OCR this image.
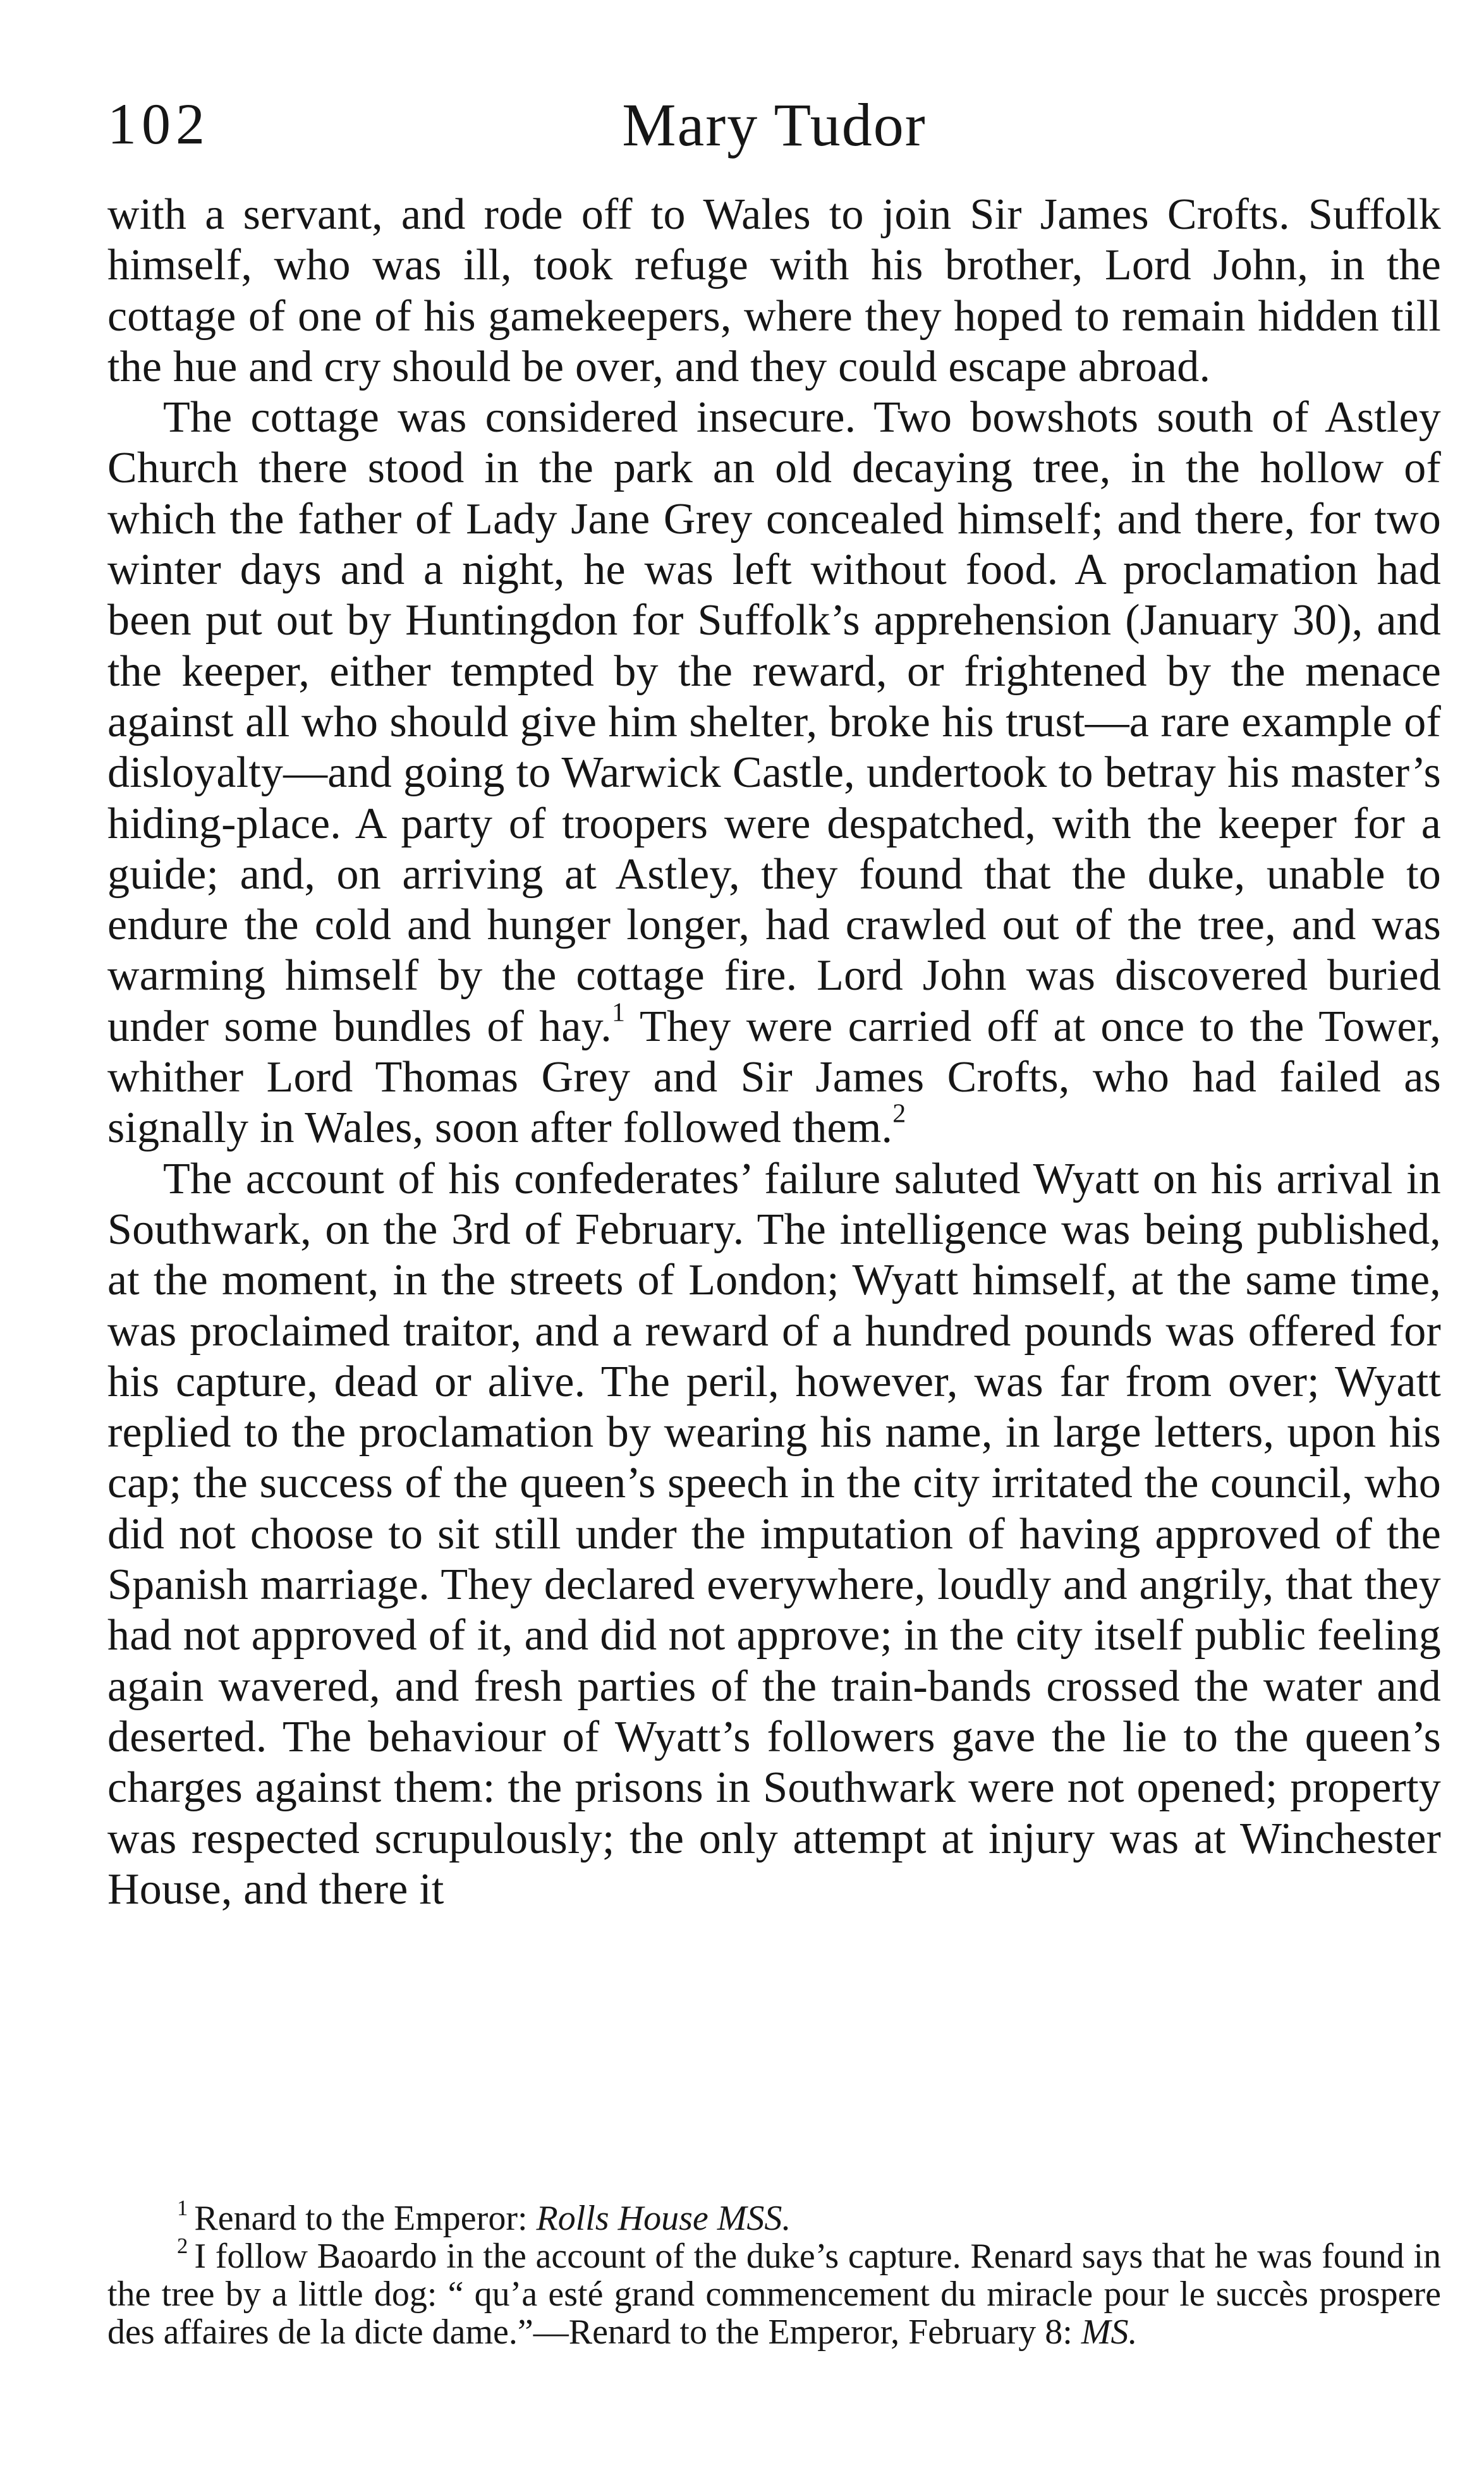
102	Mary Tudor

with a servant, and rode off to Wales to join Sir James Crofts. Suffolk himself, who was ill, took refuge with his brother, Lord John, in the cottage of one of his gamekeepers, where they hoped to remain hidden till the hue and cry should be over, and they could escape abroad.

The cottage was considered insecure. Two bowshots south of Astley Church there stood in the park an old decaying tree, in the hollow of which the father of Lady Jane Grey concealed himself; and there, for two winter days and a night, he was left without food. A proclamation had been put out by Huntingdon for Suffolk’s apprehension (January 30), and the keeper, either tempted by the reward, or frightened by the menace against all who should give him shelter, broke his trust—a rare example of disloyalty—and going to Warwick Castle, undertook to betray his master’s hiding-place. A party of troopers were despatched, with the keeper for a guide; and, on arriving at Astley, they found that the duke, unable to endure the cold and hunger longer, had crawled out of the tree, and was warming himself by the cottage fire. Lord John was discovered buried under some bundles of hay.$^1$ They were carried off at once to the Tower, whither Lord Thomas Grey and Sir James Crofts, who had failed as signally in Wales, soon after followed them.$^2$

The account of his confederates’ failure saluted Wyatt on his arrival in Southwark, on the 3rd of February. The intelligence was being published, at the moment, in the streets of London; Wyatt himself, at the same time, was proclaimed traitor, and a reward of a hundred pounds was offered for his capture, dead or alive. The peril, however, was far from over; Wyatt replied to the proclamation by wearing his name, in large letters, upon his cap; the success of the queen’s speech in the city irritated the council, who did not choose to sit still under the imputation of having approved of the Spanish marriage. They declared everywhere, loudly and angrily, that they had not approved of it, and did not approve; in the city itself public feeling again wavered, and fresh parties of the train-bands crossed the water and deserted. The behaviour of Wyatt’s followers gave the lie to the queen’s charges against them: the prisons in Southwark were not opened; property was respected scrupulously; the only attempt at injury was at Winchester House, and there it

$^1$ Renard to the Emperor: Rolls House MSS.

$^2$ I follow Baoardo in the account of the duke’s capture. Renard says that he was found in the tree by a little dog: “ qu’a esté grand commencement du miracle pour le succès prospere des affaires de la dicte dame.”—Renard to the Emperor, February 8: MS.
